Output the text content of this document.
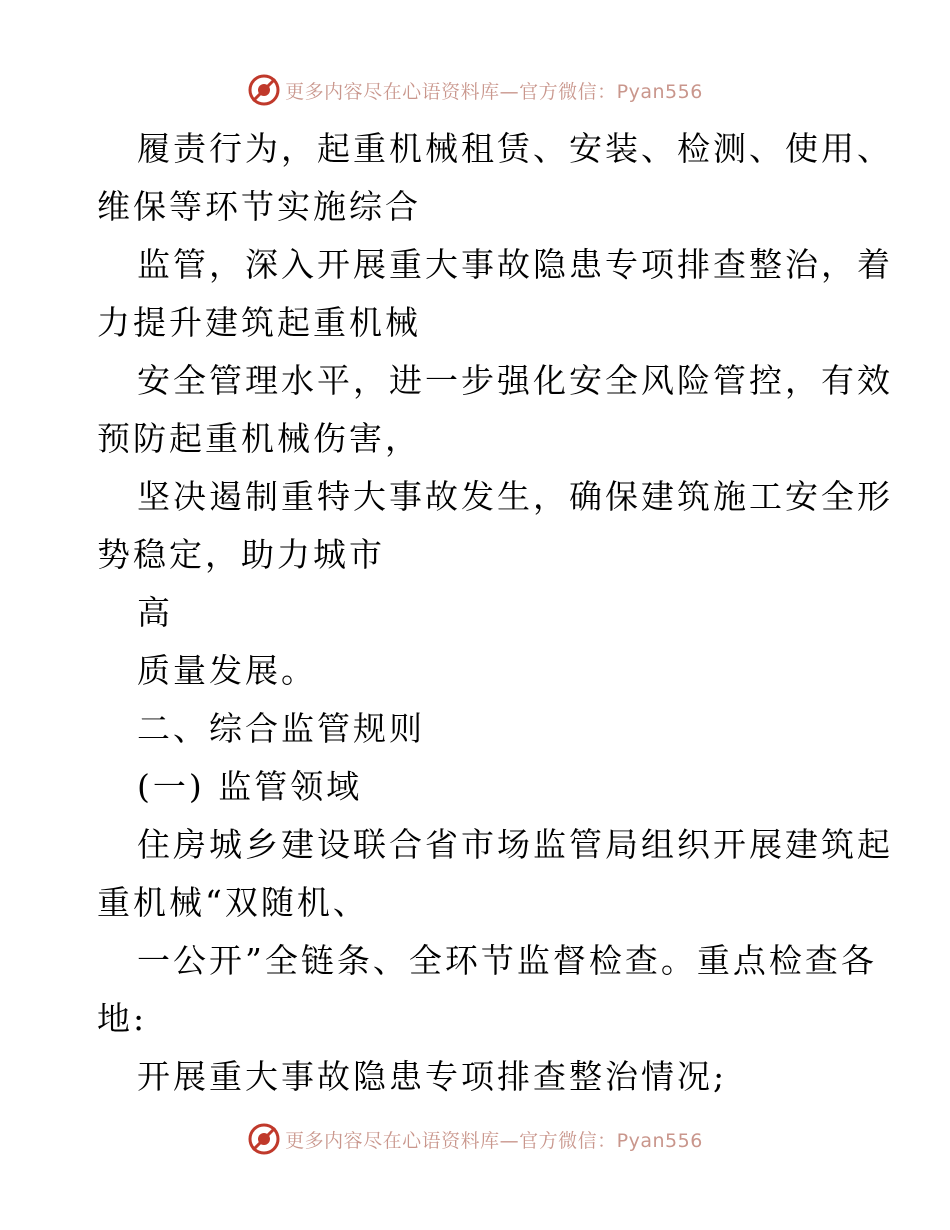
更多内容尽在心语资料库—官方微信：Pyan556

履责行为，起重机械租赁、安装、检测、使用、
维保等环节实施综合

监管，深入开展重大事故隐患专项排查整治，着
力提升建筑起重机械

安全管理水平，进一步强化安全风险管控，有效
预防起重机械伤害，

坚决遏制重特大事故发生，确保建筑施工安全形
势稳定，助力城市

高

质量发展。

二、综合监管规则

(一) 监管领域

住房城乡建设联合省市场监管局组织开展建筑起
重机械“双随机、

一公开”全链条、全环节监督检查。重点检查各
地:

开展重大事故隐患专项排查整治情况;

更多内容尽在心语资料库—官方微信：Pyan556
